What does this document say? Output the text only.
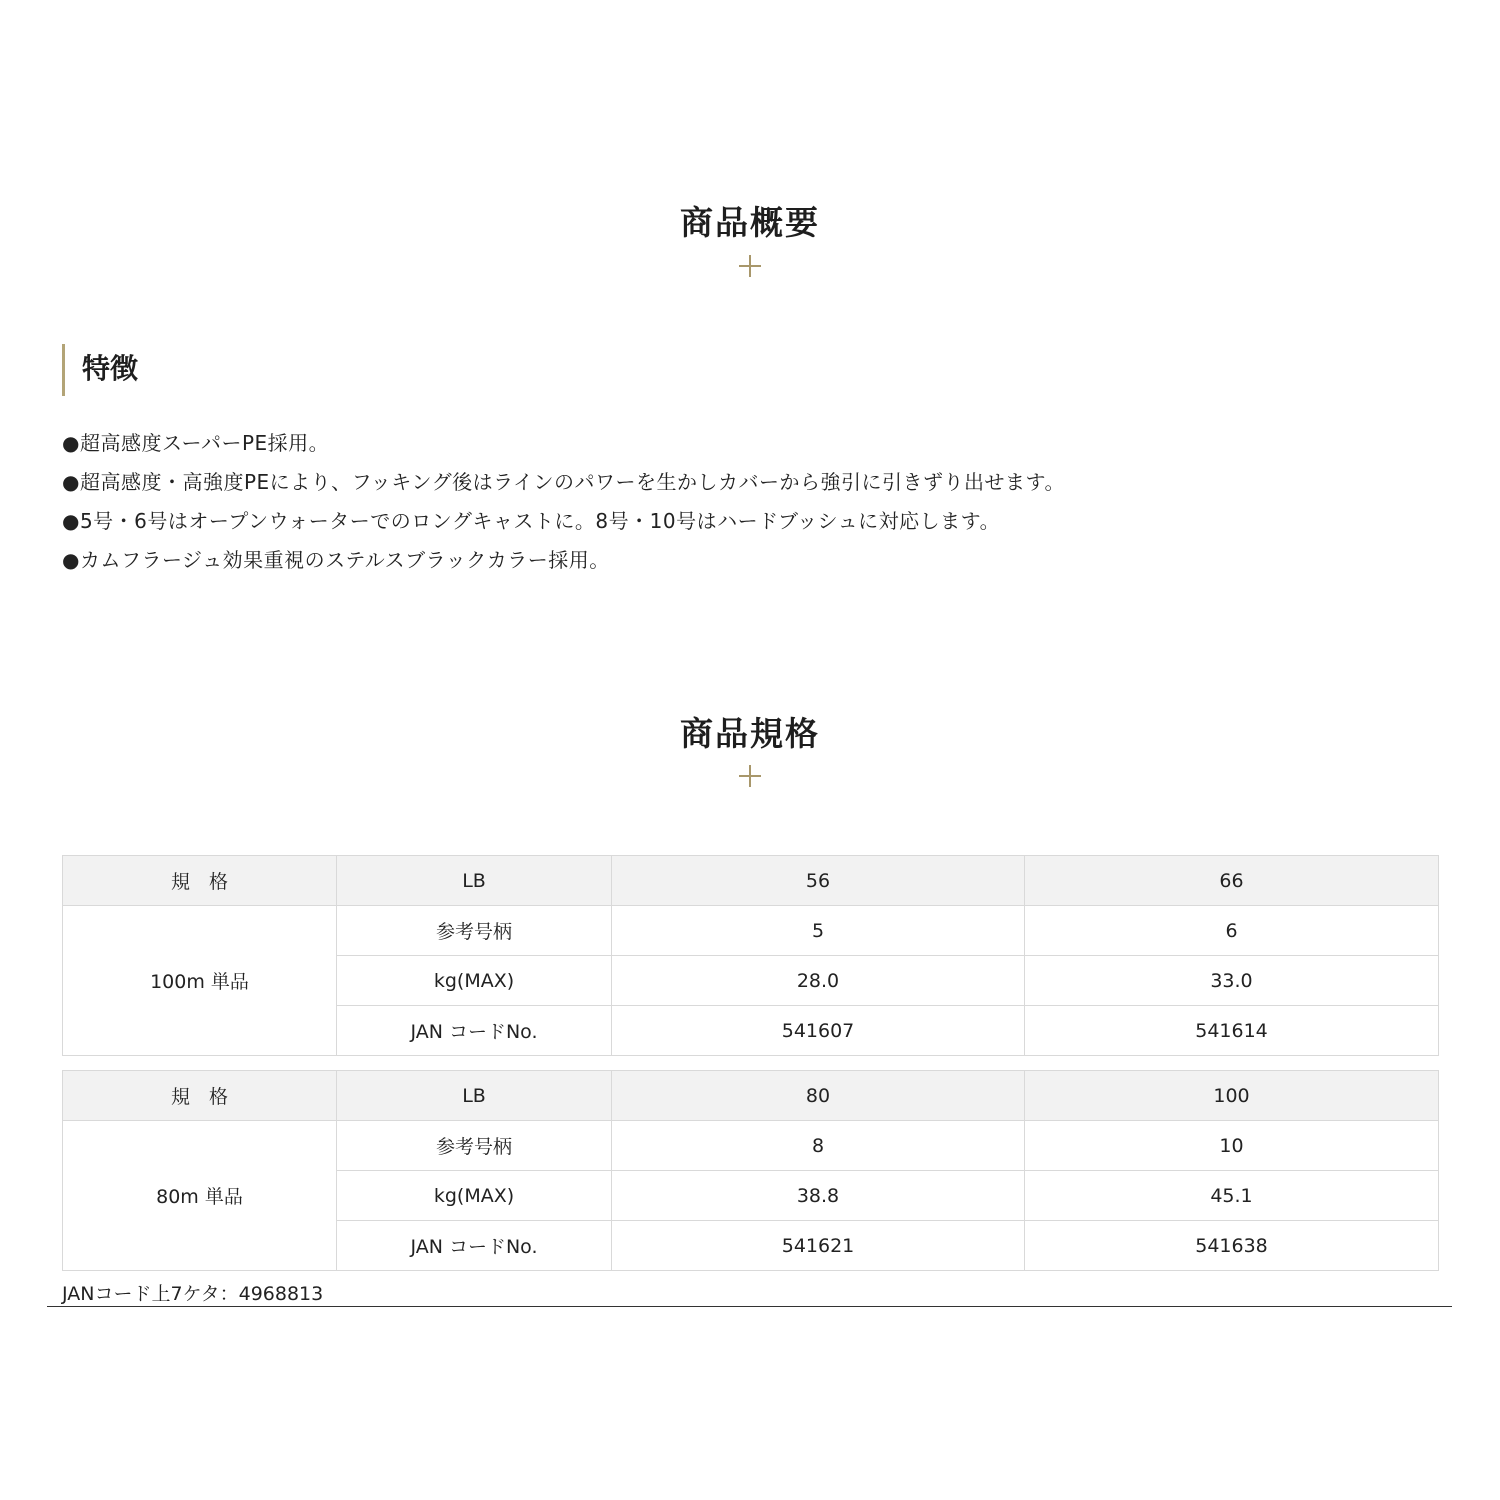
商品概要
特徴
●超高感度スーパーPE採用。
●超高感度・高強度PEにより、フッキング後はラインのパワーを生かしカバーから強引に引きずり出せます。
●5号・6号はオープンウォーターでのロングキャストに。8号・10号はハードブッシュに対応します。
●カムフラージュ効果重視のステルスブラックカラー採用。
商品規格
規　格	LB	56	66
100m 単品	参考号柄	5	6
	kg(MAX)	28.0	33.0
	JAN コードNo.	541607	541614
規　格	LB	80	100
80m 単品	参考号柄	8	10
	kg(MAX)	38.8	45.1
	JAN コードNo.	541621	541638
JANコード上7ケタ：4968813
